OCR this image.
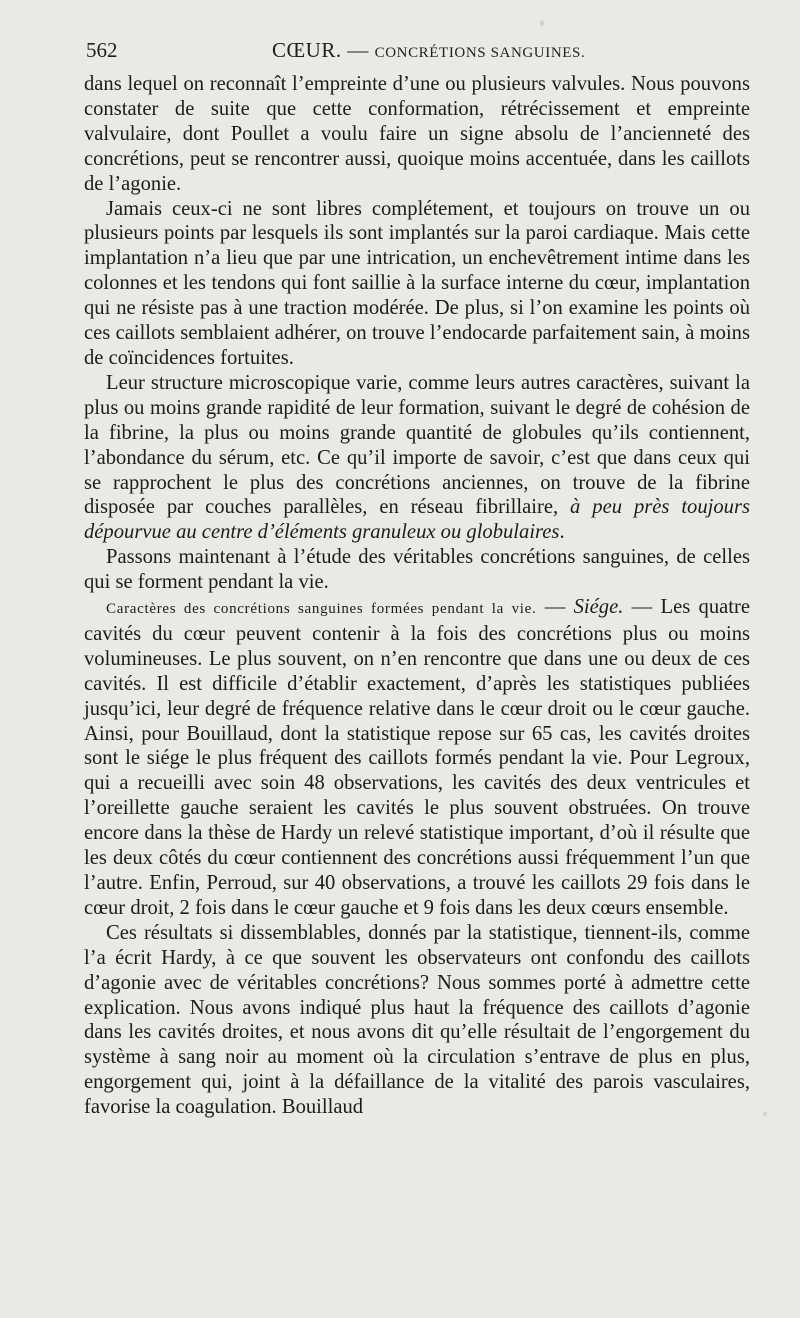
562	CŒUR. — CONCRÉTIONS SANGUINES.

dans lequel on reconnaît l’empreinte d’une ou plusieurs valvules. Nous pouvons constater de suite que cette conformation, rétrécissement et empreinte valvulaire, dont Poullet a voulu faire un signe absolu de l’ancienneté des concrétions, peut se rencontrer aussi, quoique moins accentuée, dans les caillots de l’agonie.

Jamais ceux-ci ne sont libres complétement, et toujours on trouve un ou plusieurs points par lesquels ils sont implantés sur la paroi cardiaque. Mais cette implantation n’a lieu que par une intrication, un enchevêtrement intime dans les colonnes et les tendons qui font saillie à la surface interne du cœur, implantation qui ne résiste pas à une traction modérée. De plus, si l’on examine les points où ces caillots semblaient adhérer, on trouve l’endocarde parfaitement sain, à moins de coïncidences fortuites.

Leur structure microscopique varie, comme leurs autres caractères, suivant la plus ou moins grande rapidité de leur formation, suivant le degré de cohésion de la fibrine, la plus ou moins grande quantité de globules qu’ils contiennent, l’abondance du sérum, etc. Ce qu’il importe de savoir, c’est que dans ceux qui se rapprochent le plus des concrétions anciennes, on trouve de la fibrine disposée par couches parallèles, en réseau fibrillaire, à peu près toujours dépourvue au centre d’éléments granuleux ou globulaires.

Passons maintenant à l’étude des véritables concrétions sanguines, de celles qui se forment pendant la vie.

Caractères des concrétions sanguines formées pendant la vie. — Siége. — Les quatre cavités du cœur peuvent contenir à la fois des concrétions plus ou moins volumineuses. Le plus souvent, on n’en rencontre que dans une ou deux de ces cavités. Il est difficile d’établir exactement, d’après les statistiques publiées jusqu’ici, leur degré de fréquence relative dans le cœur droit ou le cœur gauche. Ainsi, pour Bouillaud, dont la statistique repose sur 65 cas, les cavités droites sont le siége le plus fréquent des caillots formés pendant la vie. Pour Legroux, qui a recueilli avec soin 48 observations, les cavités des deux ventricules et l’oreillette gauche seraient les cavités le plus souvent obstruées. On trouve encore dans la thèse de Hardy un relevé statistique important, d’où il résulte que les deux côtés du cœur contiennent des concrétions aussi fréquemment l’un que l’autre. Enfin, Perroud, sur 40 observations, a trouvé les caillots 29 fois dans le cœur droit, 2 fois dans le cœur gauche et 9 fois dans les deux cœurs ensemble.

Ces résultats si dissemblables, donnés par la statistique, tiennent-ils, comme l’a écrit Hardy, à ce que souvent les observateurs ont confondu des caillots d’agonie avec de véritables concrétions? Nous sommes porté à admettre cette explication. Nous avons indiqué plus haut la fréquence des caillots d’agonie dans les cavités droites, et nous avons dit qu’elle résultait de l’engorgement du système à sang noir au moment où la circulation s’entrave de plus en plus, engorgement qui, joint à la défaillance de la vitalité des parois vasculaires, favorise la coagulation. Bouillaud
